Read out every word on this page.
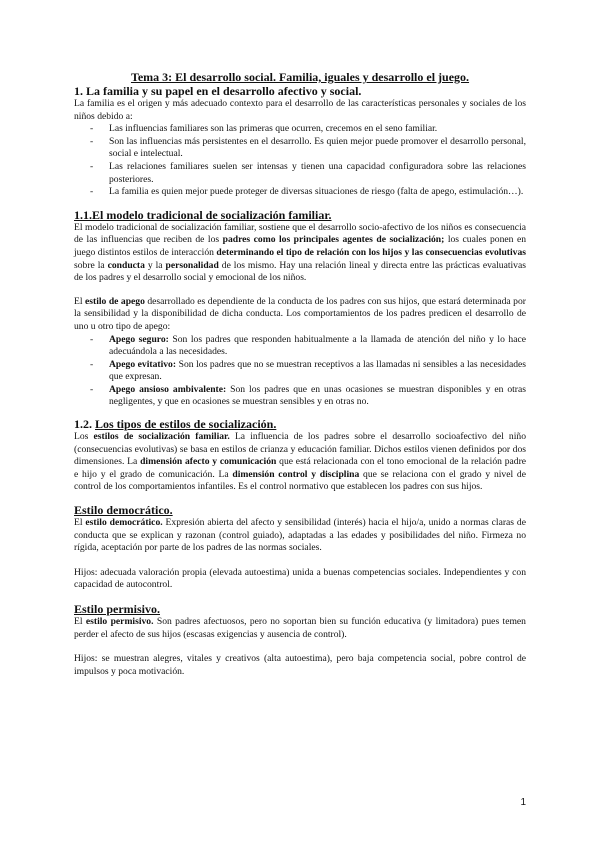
Tema 3: El desarrollo social. Familia, iguales y desarrollo el juego.
1. La familia y su papel en el desarrollo afectivo y social.

La familia es el origen y más adecuado contexto para el desarrollo de las características personales y sociales de los niños debido a:

- Las influencias familiares son las primeras que ocurren, crecemos en el seno familiar.
- Son las influencias más persistentes en el desarrollo. Es quien mejor puede promover el desarrollo personal, social e intelectual.
- Las relaciones familiares suelen ser intensas y tienen una capacidad configuradora sobre las relaciones posteriores.
- La familia es quien mejor puede proteger de diversas situaciones de riesgo (falta de apego, estimulación…).
1.1.El modelo tradicional de socialización familiar.

El modelo tradicional de socialización familiar, sostiene que el desarrollo socio-afectivo de los niños es consecuencia de las influencias que reciben de los padres como los principales agentes de socialización; los cuales ponen en juego distintos estilos de interacción determinando el tipo de relación con los hijos y las consecuencias evolutivas sobre la conducta y la personalidad de los mismo. Hay una relación lineal y directa entre las prácticas evaluativas de los padres y el desarrollo social y emocional de los niños.

El estilo de apego desarrollado es dependiente de la conducta de los padres con sus hijos, que estará determinada por la sensibilidad y la disponibilidad de dicha conducta. Los comportamientos de los padres predicen el desarrollo de uno u otro tipo de apego:

- Apego seguro: Son los padres que responden habitualmente a la llamada de atención del niño y lo hace adecuándola a las necesidades.
- Apego evitativo: Son los padres que no se muestran receptivos a las llamadas ni sensibles a las necesidades que expresan.
- Apego ansioso ambivalente: Son los padres que en unas ocasiones se muestran disponibles y en otras negligentes, y que en ocasiones se muestran sensibles y en otras no.
1.2. Los tipos de estilos de socialización.

Los estilos de socialización familiar. La influencia de los padres sobre el desarrollo socioafectivo del niño (consecuencias evolutivas) se basa en estilos de crianza y educación familiar. Dichos estilos vienen definidos por dos dimensiones. La dimensión afecto y comunicación que está relacionada con el tono emocional de la relación padre e hijo y el grado de comunicación. La dimensión control y disciplina que se relaciona con el grado y nivel de control de los comportamientos infantiles. Es el control normativo que establecen los padres con sus hijos.

Estilo democrático.

El estilo democrático. Expresión abierta del afecto y sensibilidad (interés) hacia el hijo/a, unido a normas claras de conducta que se explican y razonan (control guiado), adaptadas a las edades y posibilidades del niño. Firmeza no rígida, aceptación por parte de los padres de las normas sociales.

Hijos: adecuada valoración propia (elevada autoestima) unida a buenas competencias sociales. Independientes y con capacidad de autocontrol.

Estilo permisivo.

El estilo permisivo. Son padres afectuosos, pero no soportan bien su función educativa (y limitadora) pues temen perder el afecto de sus hijos (escasas exigencias y ausencia de control).

Hijos: se muestran alegres, vitales y creativos (alta autoestima), pero baja competencia social, pobre control de impulsos y poca motivación.

1
